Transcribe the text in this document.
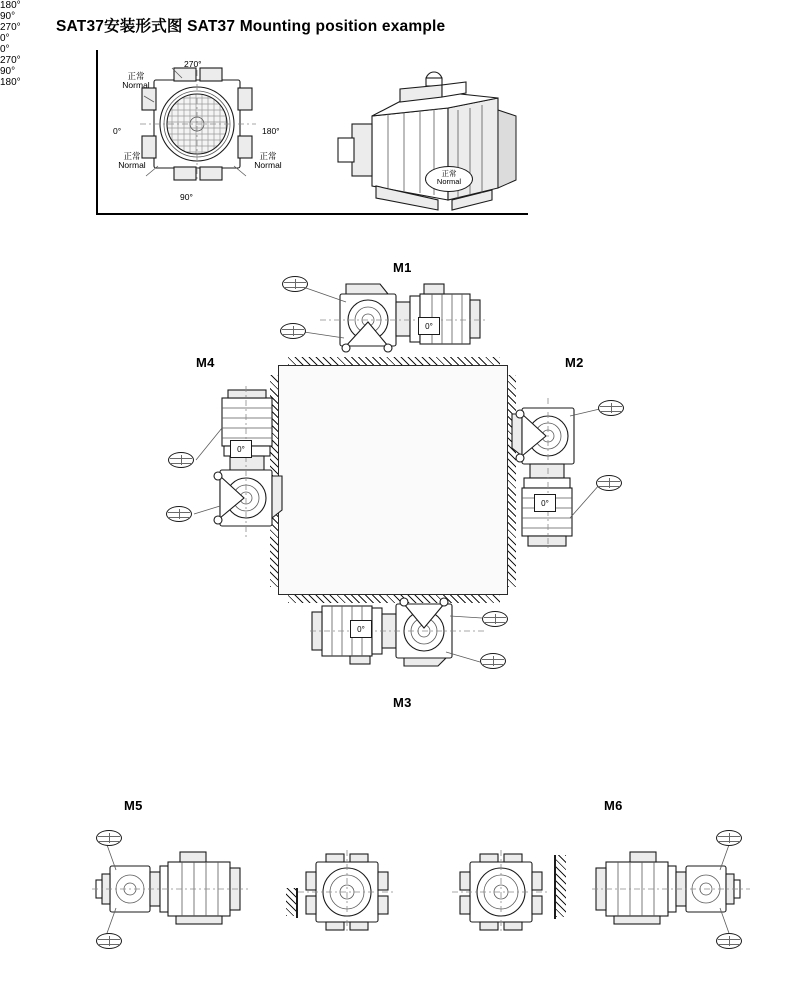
SAT37安装形式图 SAT37 Mounting position example
正常
Normal
270°
0°	180°
90°
正常
Normal
正常
Normal
正常
Normal
M1
0°
M2
0°
M4
0°
M3
0°
M5	M6
180°
90°
270°
0°
0°
270°
90°
180°
